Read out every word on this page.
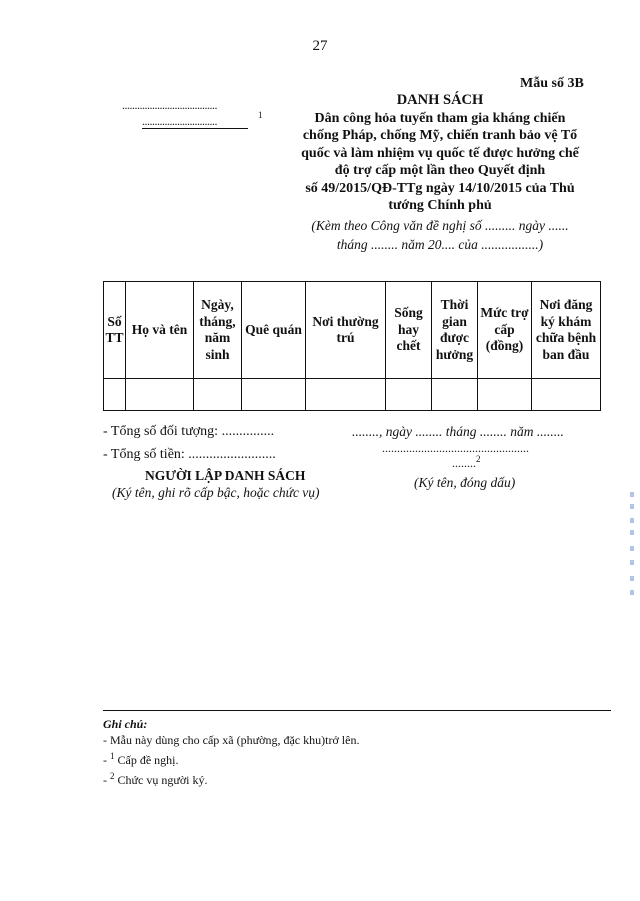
27
Mẫu số 3B
......................................
1
..............................
DANH SÁCH
Dân công hỏa tuyến tham gia kháng chiến
chống Pháp, chống Mỹ, chiến tranh bảo vệ Tổ
quốc và làm nhiệm vụ quốc tế được hưởng chế
độ trợ cấp một lần theo Quyết định
số 49/2015/QĐ-TTg ngày 14/10/2015 của Thủ
tướng Chính phủ
(Kèm theo Công văn đề nghị số ......... ngày ......
tháng ........ năm 20.... của .................)
Số TT	Họ và tên	Ngày, tháng, năm sinh	Quê quán	Nơi thường trú	Sống hay chết	Thời gian được hưởng	Mức trợ cấp (đồng)	Nơi đăng ký khám chữa bệnh ban đầu

- Tổng số đối tượng: ...............
- Tổng số tiền: .........................
........, ngày ........ tháng ........ năm ........
.................................................
........$^2$
NGƯỜI LẬP DANH SÁCH
(Ký tên, ghi rõ cấp bậc, hoặc chức vụ)
(Ký tên, đóng dấu)
Ghi chú:
- Mẫu này dùng cho cấp xã (phường, đặc khu)trở lên.
- $^1$ Cấp đề nghị.
- $^2$ Chức vụ người ký.
